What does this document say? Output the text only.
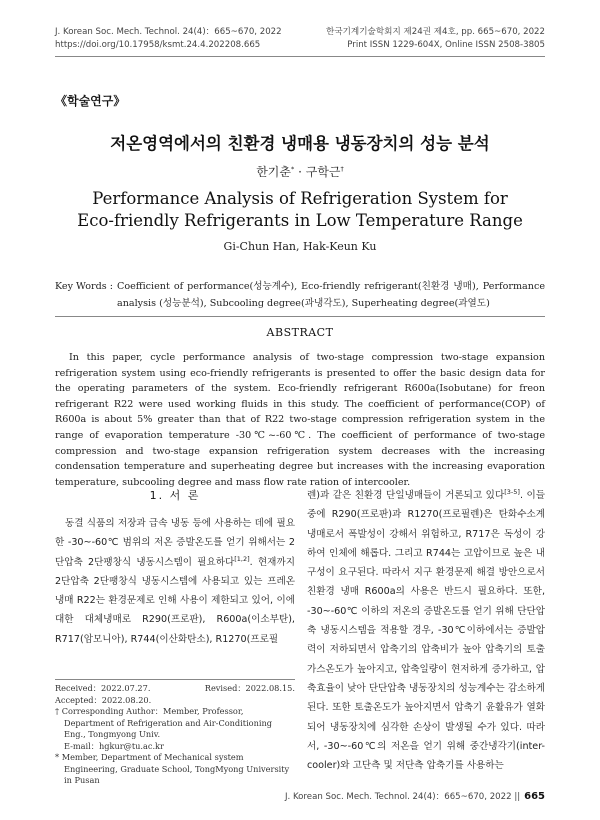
J. Korean Soc. Mech. Technol. 24(4)：665~670, 2022
https://doi.org/10.17958/ksmt.24.4.202208.665
한국기계기술학회지 제24권 제4호, pp. 665~670, 2022
Print ISSN 1229-604X, Online ISSN 2508-3805
《학술연구》
저온영역에서의 친환경 냉매용 냉동장치의 성능 분석
한기춘* · 구학근†
Performance Analysis of Refrigeration System for
Eco-friendly Refrigerants in Low Temperature Range
Gi-Chun Han, Hak-Keun Ku
Key Words : Coefficient of performance(성능계수), Eco-friendly refrigerant(친환경 냉매), Performance analysis (성능분석), Subcooling degree(과냉각도), Superheating degree(과열도)
ABSTRACT

In this paper, cycle performance analysis of two-stage compression two-stage expansion refrigeration system using eco-friendly refrigerants is presented to offer the basic design data for the operating parameters of the system. Eco-friendly refrigerant R600a(Isobutane) for freon refrigerant R22 were used working fluids in this study. The coefficient of performance(COP) of R600a is about 5% greater than that of R22 two-stage compression refrigeration system in the range of evaporation temperature -30℃~-60℃. The coefficient of performance of two-stage compression and two-stage expansion refrigeration system decreases with the increasing condensation temperature and superheating degree but increases with the increasing evaporation temperature, subcooling degree and mass flow rate ration of intercooler.

1. 서 론

동결 식품의 저장과 급속 냉동 등에 사용하는 데에 필요한 -30~-60℃ 범위의 저온 증발온도를 얻기 위해서는 2단압축 2단팽창식 냉동시스템이 필요하다[1,2]. 현재까지 2단압축 2단팽창식 냉동시스템에 사용되고 있는 프레온 냉매 R22는 환경문제로 인해 사용이 제한되고 있어, 이에 대한 대체냉매로 R290(프로판), R600a(이소부탄), R717(암모니아), R744(이산화탄소), R1270(프로필

렌)과 같은 친환경 단일냉매들이 거론되고 있다[3-5]. 이들 중에 R290(프로판)과 R1270(프로필렌)은 탄화수소계 냉매로서 폭발성이 강해서 위험하고, R717은 독성이 강하여 인체에 해롭다. 그리고 R744는 고압이므로 높은 내구성이 요구된다. 따라서 지구 환경문제 해결 방안으로서 친환경 냉매 R600a의 사용은 반드시 필요하다. 또한, -30~-60℃ 이하의 저온의 증발온도를 얻기 위해 단단압축 냉동시스템을 적용할 경우, -30℃이하에서는 증발압력이 저하되면서 압축기의 압축비가 높아 압축기의 토출가스온도가 높아지고, 압축일량이 현저하게 증가하고, 압축효율이 낮아 단단압축 냉동장치의 성능계수는 감소하게 된다. 또한 토출온도가 높아지면서 압축기 윤활유가 열화되어 냉동장치에 심각한 손상이 발생될 수가 있다. 따라서, -30~-60℃의 저온을 얻기 위해 중간냉각기(inter- cooler)와 고단측 및 저단측 압축기를 사용하는

Received：2022.07.27.	Revised：2022.08.15.
Accepted：2022.08.20.
† Corresponding Author：Member, Professor, Department of Refrigeration and Air-Conditioning Eng., Tongmyong Univ.
E-mail：hgkur@tu.ac.kr
* Member, Department of Mechanical system Engineering, Graduate School, TongMyong University in Pusan
J. Korean Soc. Mech. Technol. 24(4)：665~670, 2022 || 665
